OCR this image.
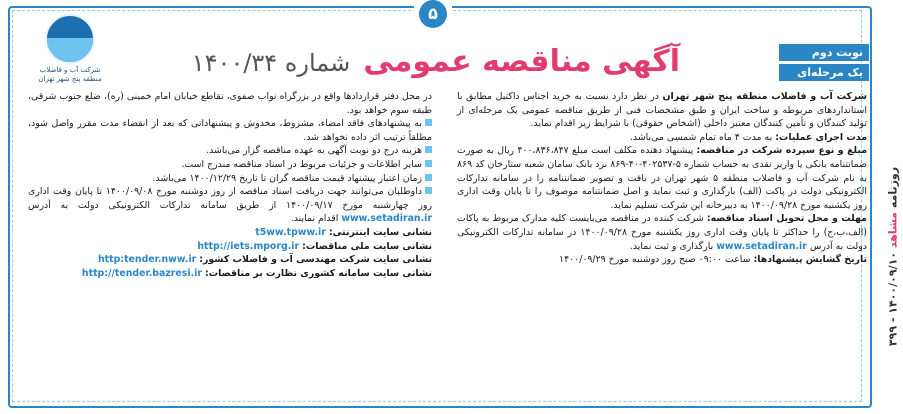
۵
شرکت آب و فاضلاب
منطقه پنج شهر تهران	آگهی مناقصه عمومی شماره ۱۴۰۰/۳۴	نوبت دوم
یک مرحله‌ای

شرکت آب و فاضلاب منطقه پنج شهر تهران در نظر دارد نسبت به خرید اجناس داکتیل مطابق با استانداردهای مربوطه و ساخت ایران و طبق مشخصات فنی از طریق مناقصه عمومی یک مرحله‌ای از تولید کنندگان و تأمین کنندگان معتبر داخلی (اشخاص حقوقی) با شرایط زیر اقدام نماید.

مدت اجرای عملیات: به مدت ۴ ماه تمام شمسی می‌باشد.

مبلغ و نوع سپرده شرکت در مناقصه: پیشنهاد دهنده مکلف است مبلغ ۴۰۰،۸۳۶،۸۴۷ ریال به صورت ضمانتنامه بانکی یا واریز نقدی به حساب شماره ۵-۴۰۲۵۳۷-۴۰-۸۶۹ نزد بانک سامان شعبه ستارخان کد ۸۶۹ به نام شرکت آب و فاضلاب منطقه ۵ شهر تهران در یافت و تصویر ضمانتنامه را در سامانه تدارکات الکترونیکی دولت در پاکت (الف) بارگذاری و ثبت نماید و اصل ضمانتنامه موصوف را تا پایان وقت اداری روز یکشنبه مورخ ۱۴۰۰/۰۹/۲۸ به دبیرخانه این شرکت تسلیم نماید.

مهلت و محل تحویل اسناد مناقصه: شرکت کننده در مناقصه می‌بایست کلیه مدارک مربوط به پاکات (الف،ب،ج) را حداکثر تا پایان وقت اداری روز یکشنبه مورخ ۱۴۰۰/۰۹/۲۸ در سامانه تدارکات الکترونیکی دولت به آدرس www.setadiran.ir بارگذاری و ثبت نماید.

تاریخ گشایش پیشنهادها: ساعت ۰۹:۰۰ صبح روز دوشنبه مورخ ۱۴۰۰/۰۹/۲۹

در محل دفتر قراردادها واقع در بزرگراه نواب صفوی، تقاطع خیابان امام خمینی (ره)، ضلع جنوب شرقی، طبقه سوم خواهد بود.

به پیشنهادهای فاقد امضاء، مشروط، مخدوش و پیشنهاداتی که بعد از انقضاء مدت مقرر واصل شود، مطلقاً ترتیب اثر داده نخواهد شد.

هزینه درج دو نوبت آگهی به عهده مناقصه گزار می‌باشد.

سایر اطلاعات و جزئیات مربوط در اسناد مناقصه مندرج است.

زمان اعتبار پیشنهاد قیمت مناقصه گران تا تاریخ ۱۴۰۰/۱۲/۲۹ می‌باشد.

داوطلبان می‌توانند جهت دریافت اسناد مناقصه از روز دوشنبه مورخ ۱۴۰۰/۰۹/۰۸ تا پایان وقت اداری روز چهارشنبه مورخ ۱۴۰۰/۰۹/۱۷ از طریق سامانه تدارکات الکترونیکی دولت به آدرس www.setadiran.ir اقدام نمایند.

نشانی سایت اینترنتی: t5ww.tpww.ir

نشانی سایت ملی مناقصات: http://iets.mporg.ir

نشانی سایت شرکت مهندسی آب و فاضلاب کشور: http:tender.nww.ir

نشانی سایت سامانه کشوری نظارت بر مناقصات: http://tender.bazresi.ir

روزنامه مشاهد ۱۴۰۰/۰۹/۱۰ - ۳۹۹
